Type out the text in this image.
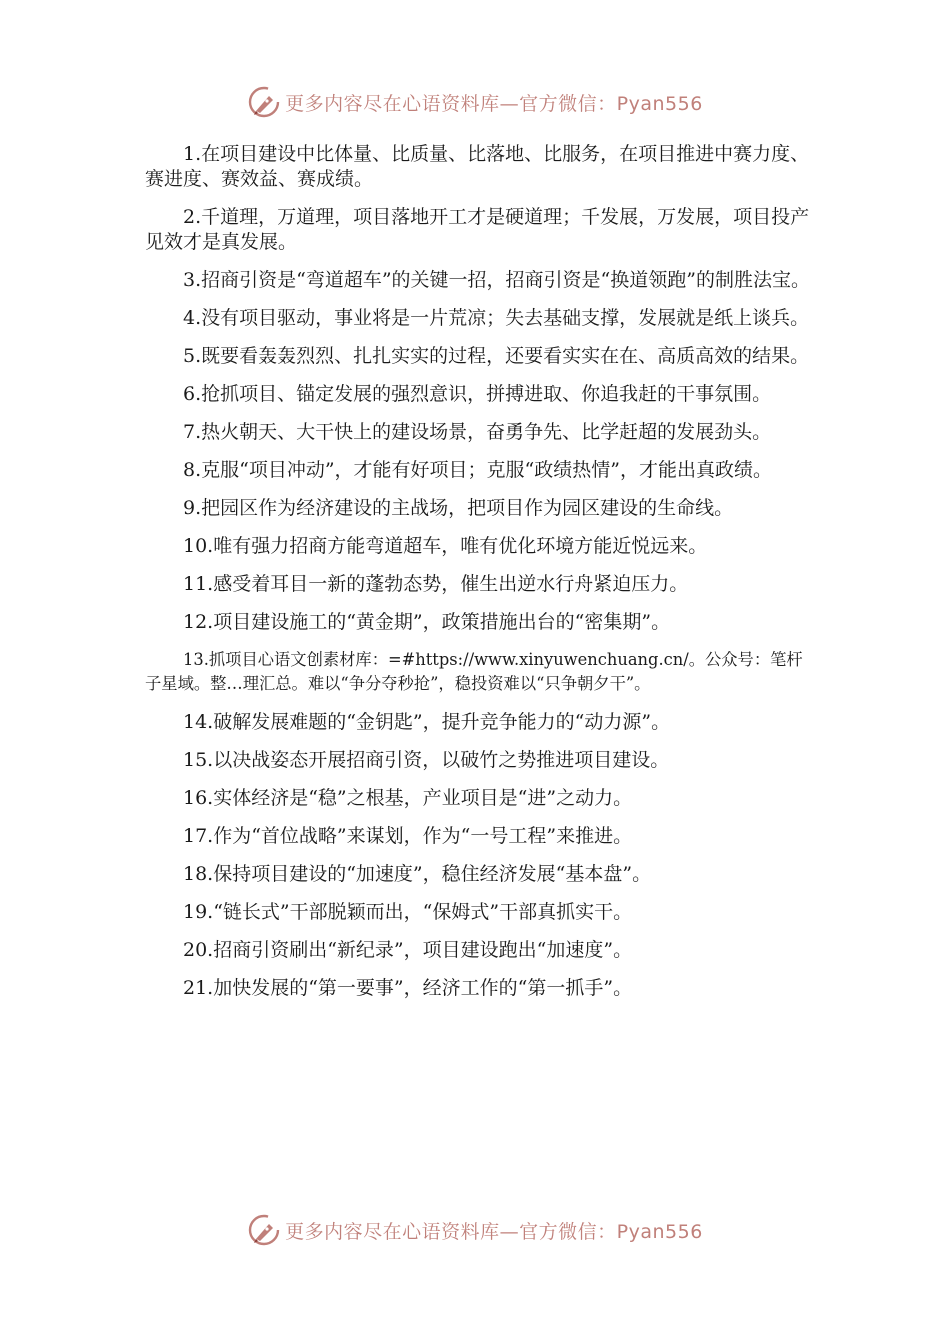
更多内容尽在心语资料库—官方微信：Pyan556

1.在项目建设中比体量、比质量、比落地、比服务，在项目推进中赛力度、赛进度、赛效益、赛成绩。

2.千道理，万道理，项目落地开工才是硬道理；千发展，万发展，项目投产见效才是真发展。

3.招商引资是“弯道超车”的关键一招，招商引资是“换道领跑”的制胜法宝。

4.没有项目驱动，事业将是一片荒凉；失去基础支撑，发展就是纸上谈兵。

5.既要看轰轰烈烈、扎扎实实的过程，还要看实实在在、高质高效的结果。

6.抢抓项目、锚定发展的强烈意识，拼搏进取、你追我赶的干事氛围。

7.热火朝天、大干快上的建设场景，奋勇争先、比学赶超的发展劲头。

8.克服“项目冲动”，才能有好项目；克服“政绩热情”，才能出真政绩。

9.把园区作为经济建设的主战场，把项目作为园区建设的生命线。

10.唯有强力招商方能弯道超车，唯有优化环境方能近悦远来。

11.感受着耳目一新的蓬勃态势，催生出逆水行舟紧迫压力。

12.项目建设施工的“黄金期”，政策措施出台的“密集期”。

13.抓项目心语文创素材库：=#https://www.xinyuwenchuang.cn/。公众号：笔杆子星域。整…理汇总。难以“争分夺秒抢”，稳投资难以“只争朝夕干”。

14.破解发展难题的“金钥匙”，提升竞争能力的“动力源”。

15.以决战姿态开展招商引资，以破竹之势推进项目建设。

16.实体经济是“稳”之根基，产业项目是“进”之动力。

17.作为“首位战略”来谋划，作为“一号工程”来推进。

18.保持项目建设的“加速度”，稳住经济发展“基本盘”。

19.“链长式”干部脱颖而出，“保姆式”干部真抓实干。

20.招商引资刷出“新纪录”，项目建设跑出“加速度”。

21.加快发展的“第一要事”，经济工作的“第一抓手”。

更多内容尽在心语资料库—官方微信：Pyan556
